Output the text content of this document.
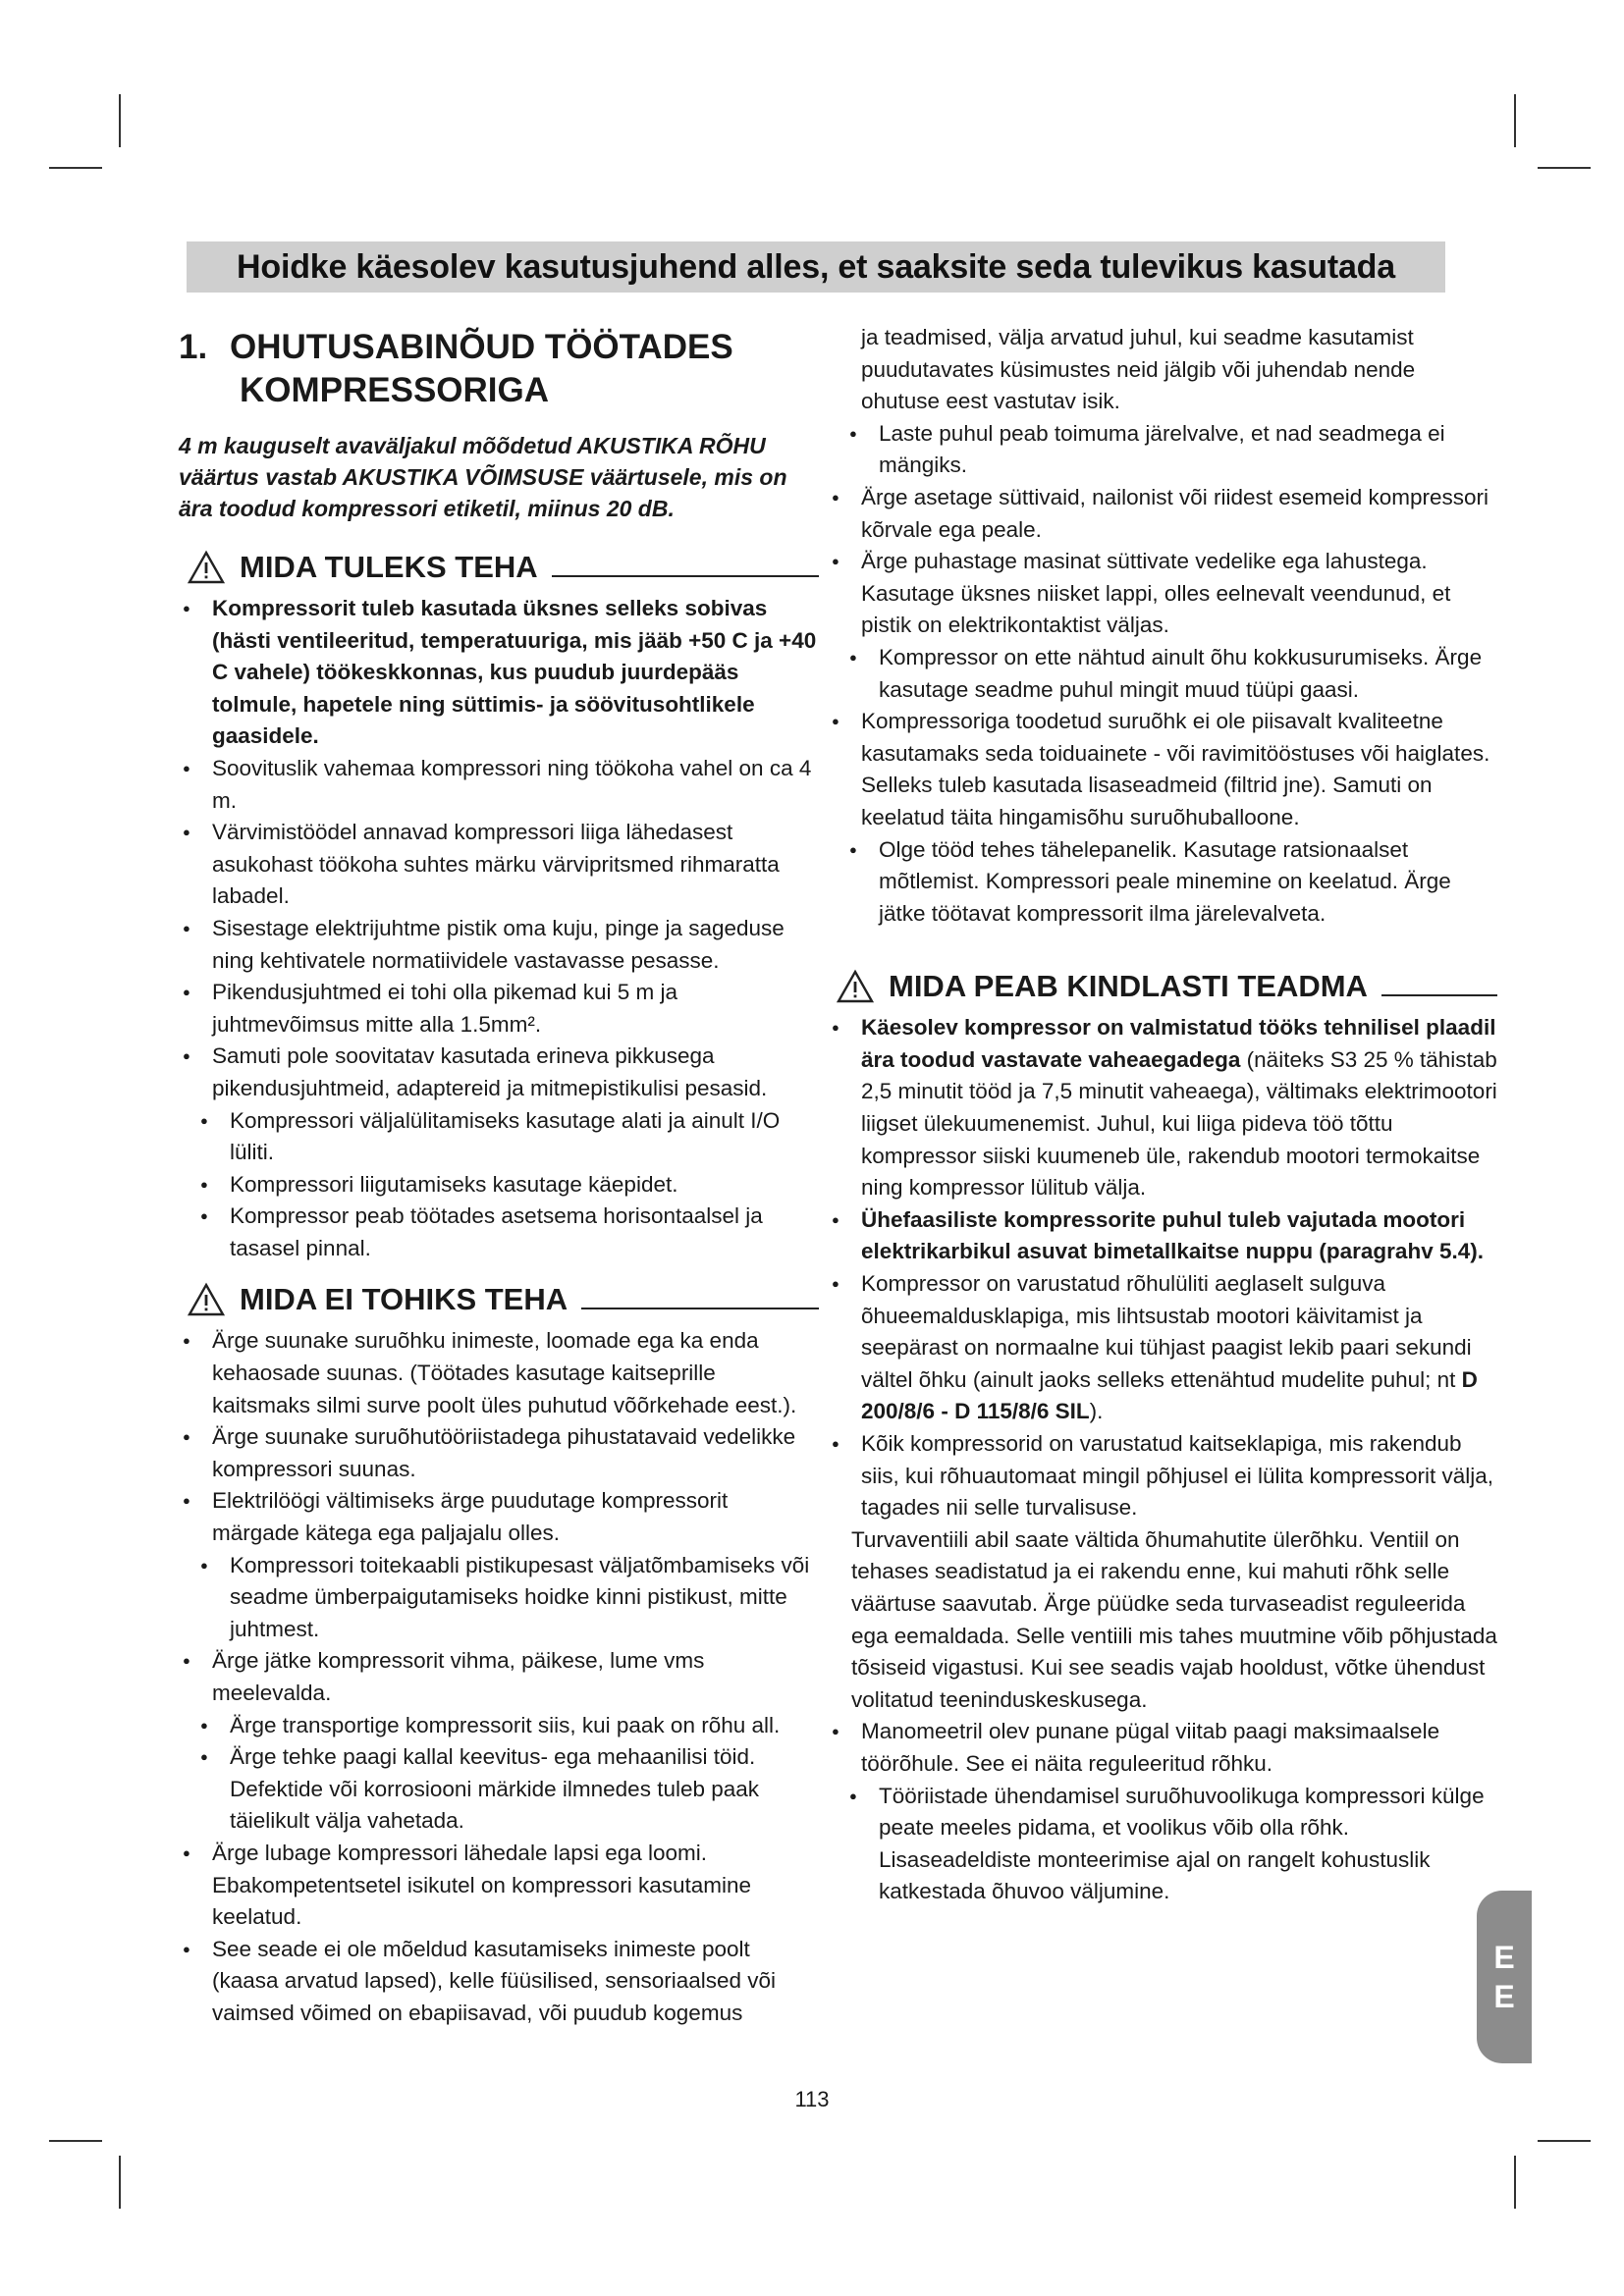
Hoidke käesolev kasutusjuhend alles, et saaksite seda tulevikus kasutada
1. OHUTUSABINÕUD TÖÖTADES
KOMPRESSORIGA
4 m kauguselt avaväljakul mõõdetud AKUSTIKA RÕHU väärtus vastab AKUSTIKA VÕIMSUSE väärtusele, mis on ära toodud kompressori etiketil, miinus 20 dB.
MIDA TULEKS TEHA
● Kompressorit tuleb kasutada üksnes selleks sobivas (hästi ventileeritud, temperatuuriga, mis jääb +50 C ja +40 C vahele) töökeskkonnas, kus puudub juurdepääs tolmule, hapetele ning süttimis- ja söövitusohtlikele gaasidele.
● Soovituslik vahemaa kompressori ning töökoha vahel on ca 4 m.
● Värvimistöödel annavad kompressori liiga lähedasest asukohast töökoha suhtes märku värvipritsmed rihmaratta labadel.
● Sisestage elektrijuhtme pistik oma kuju, pinge ja sageduse ning kehtivatele normatiividele vastavasse pesasse.
● Pikendusjuhtmed ei tohi olla pikemad kui 5 m ja juhtmevõimsus mitte alla 1.5mm².
● Samuti pole soovitatav kasutada erineva pikkusega pikendusjuhtmeid, adaptereid ja mitmepistikulisi pesasid.
● Kompressori väljalülitamiseks kasutage alati ja ainult I/O lüliti.
● Kompressori liigutamiseks kasutage käepidet.
● Kompressor peab töötades asetsema horisontaalsel ja tasasel pinnal.
MIDA EI TOHIKS TEHA
● Ärge suunake suruõhku inimeste, loomade ega ka enda kehaosade suunas. (Töötades kasutage kaitseprille kaitsmaks silmi surve poolt üles puhutud võõrkehade eest.).
● Ärge suunake suruõhutööriistadega pihustatavaid vedelikke kompressori suunas.
● Elektrilöögi vältimiseks ärge puudutage kompressorit märgade kätega ega paljajalu olles.
● Kompressori toitekaabli pistikupesast väljatõmbamiseks või seadme ümberpaigutamiseks hoidke kinni pistikust, mitte juhtmest.
● Ärge jätke kompressorit vihma, päikese, lume vms meelevalda.
● Ärge transportige kompressorit siis, kui paak on rõhu all.
● Ärge tehke paagi kallal keevitus- ega mehaanilisi töid. Defektide või korrosiooni märkide ilmnedes tuleb paak täielikult välja vahetada.
● Ärge lubage kompressori lähedale lapsi ega loomi. Ebakompetentsetel isikutel on kompressori kasutamine keelatud.
● See seade ei ole mõeldud kasutamiseks inimeste poolt (kaasa arvatud lapsed), kelle füüsilised, sensoriaalsed või vaimsed võimed on ebapiisavad, või puudub kogemus
ja teadmised, välja arvatud juhul, kui seadme kasutamist puudutavates küsimustes neid jälgib või juhendab nende ohutuse eest vastutav isik.
● Laste puhul peab toimuma järelvalve, et nad seadmega ei mängiks.
● Ärge asetage süttivaid, nailonist või riidest esemeid kompressori kõrvale ega peale.
● Ärge puhastage masinat süttivate vedelike ega lahustega. Kasutage üksnes niisket lappi, olles eelnevalt veendunud, et pistik on elektrikontaktist väljas.
● Kompressor on ette nähtud ainult õhu kokkusurumiseks. Ärge kasutage seadme puhul mingit muud tüüpi gaasi.
● Kompressoriga toodetud suruõhk ei ole piisavalt kvaliteetne kasutamaks seda toiduainete - või ravimitööstuses või haiglates. Selleks tuleb kasutada lisaseadmeid (filtrid jne). Samuti on keelatud täita hingamisõhu suruõhuballoone.
● Olge tööd tehes tähelepanelik. Kasutage ratsionaalset mõtlemist. Kompressori peale minemine on keelatud. Ärge jätke töötavat kompressorit ilma järelevalveta.
MIDA PEAB KINDLASTI TEADMA
● Käesolev kompressor on valmistatud tööks tehnilisel plaadil ära toodud vastavate vaheaegadega (näiteks S3 25 % tähistab 2,5 minutit tööd ja 7,5 minutit vaheaega), vältimaks elektrimootori liigset ülekuumenemist. Juhul, kui liiga pideva töö tõttu kompressor siiski kuumeneb üle, rakendub mootori termokaitse ning kompressor lülitub välja.
● Ühefaasiliste kompressorite puhul tuleb vajutada mootori elektrikarbikul asuvat bimetallkaitse nuppu (paragrahv 5.4).
● Kompressor on varustatud rõhulüliti aeglaselt sulguva õhueemaldusklapiga, mis lihtsustab mootori käivitamist ja seepärast on normaalne kui tühjast paagist lekib paari sekundi vältel õhku (ainult jaoks selleks ettenähtud mudelite puhul; nt D 200/8/6 - D 115/8/6 SIL).
● Kõik kompressorid on varustatud kaitseklapiga, mis rakendub siis, kui rõhuautomaat mingil põhjusel ei lülita kompressorit välja, tagades nii selle turvalisuse.
Turvaventiili abil saate vältida õhumahutite ülerõhku. Ventiil on tehases seadistatud ja ei rakendu enne, kui mahuti rõhk selle väärtuse saavutab. Ärge püüdke seda turvaseadist reguleerida ega eemaldada. Selle ventiili mis tahes muutmine võib põhjustada tõsiseid vigastusi. Kui see seadis vajab hooldust, võtke ühendust volitatud teeninduskeskusega.
● Manomeetril olev punane pügal viitab paagi maksimaalsele töörõhule. See ei näita reguleeritud rõhku.
● Tööriistade ühendamisel suruõhuvoolikuga kompressori külge peate meeles pidama, et voolikus võib olla rõhk. Lisaseadeldiste monteerimise ajal on rangelt kohustuslik katkestada õhuvoo väljumine.
E
E
113
